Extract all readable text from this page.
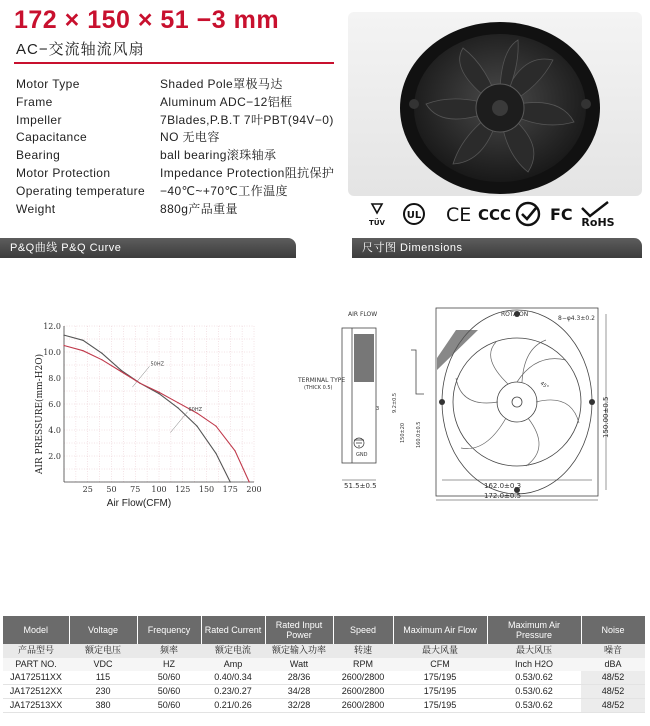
172 × 150 × 51 −3 mm
AC−交流轴流风扇
Motor Type	Shaded Pole罩极马达
Frame	Aluminum ADC−12铝框
Impeller	7Blades,P.B.T 7叶PBT(94V−0)
Capacitance	NO 无电容
Bearing	ball bearing滚珠轴承
Motor Protection	Impedance Protection阻抗保护
Operating temperature	−40℃~+70℃工作温度
Weight	880g产品重量
TÜV
UL CE CCC FC RoHS
P&Q曲线 P&Q Curve	尺寸图 Dimensions
25 50 75 100 125 150 175 200
2.0
4.0
6.0
8.0
10.0
12.0
Air Flow(CFM)
AIR PRESSURE(mm-H2O)	50HZ
60HZ
AIR FLOW	ROTAION
8−φ4.3±0.2
TERMINAL TYPE
(THICK 0.5)
GND
3
45°
51.5±0.5	162.0±0.3
172.0±0.5
150.00±0.5
160.0±0.5
150±20
9.2±0.5
Model	Voltage	Frequency	Rated Current	Rated Input Power	Speed	Maximum Air Flow	Maximum Air Pressure	Noise
产品型号	额定电压	频率	额定电流	额定输入功率	转速	最大风量	最大风压	噪音
PART NO.	VDC	HZ	Amp	Watt	RPM	CFM	Inch H2O	dBA
JA172511XX	115	50/60	0.40/0.34	28/36	2600/2800	175/195	0.53/0.62	48/52
JA172512XX	230	50/60	0.23/0.27	34/28	2600/2800	175/195	0.53/0.62	48/52
JA172513XX	380	50/60	0.21/0.26	32/28	2600/2800	175/195	0.53/0.62	48/52
